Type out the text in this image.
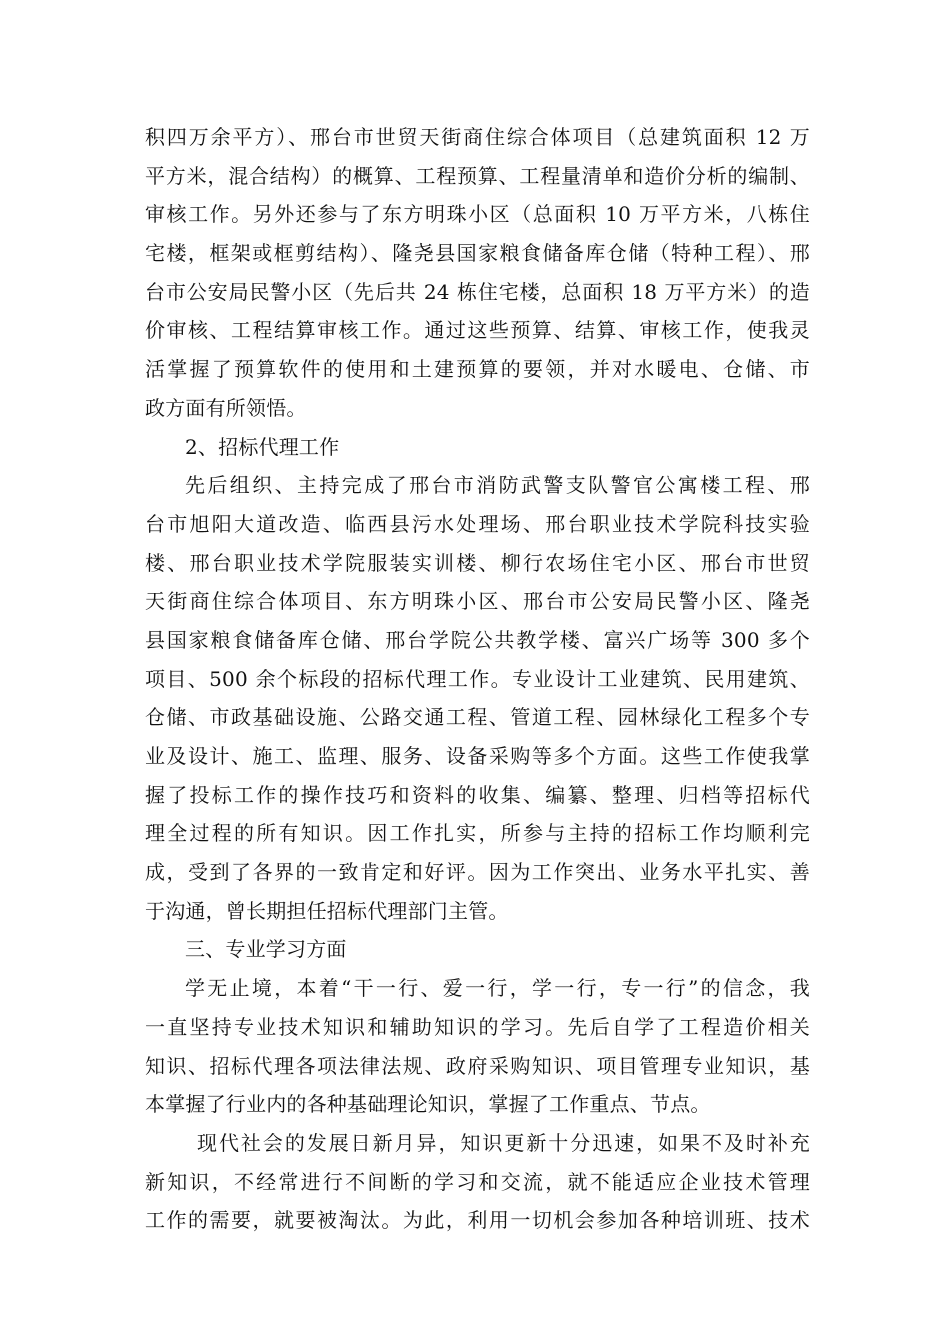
积四万余平方）、邢台市世贸天街商住综合体项目（总建筑面积 12 万
平方米，混合结构）的概算、工程预算、工程量清单和造价分析的编制、
审核工作。另外还参与了东方明珠小区（总面积 10 万平方米，八栋住
宅楼，框架或框剪结构）、隆尧县国家粮食储备库仓储（特种工程）、邢
台市公安局民警小区（先后共 24 栋住宅楼，总面积 18 万平方米）的造
价审核、工程结算审核工作。通过这些预算、结算、审核工作，使我灵
活掌握了预算软件的使用和土建预算的要领，并对水暖电、仓储、市
政方面有所领悟。
2、招标代理工作
先后组织、主持完成了邢台市消防武警支队警官公寓楼工程、邢
台市旭阳大道改造、临西县污水处理场、邢台职业技术学院科技实验
楼、邢台职业技术学院服装实训楼、柳行农场住宅小区、邢台市世贸
天街商住综合体项目、东方明珠小区、邢台市公安局民警小区、隆尧
县国家粮食储备库仓储、邢台学院公共教学楼、富兴广场等 300 多个
项目、500 余个标段的招标代理工作。专业设计工业建筑、民用建筑、
仓储、市政基础设施、公路交通工程、管道工程、园林绿化工程多个专
业及设计、施工、监理、服务、设备采购等多个方面。这些工作使我掌
握了投标工作的操作技巧和资料的收集、编纂、整理、归档等招标代
理全过程的所有知识。因工作扎实，所参与主持的招标工作均顺利完
成，受到了各界的一致肯定和好评。因为工作突出、业务水平扎实、善
于沟通，曾长期担任招标代理部门主管。
三、专业学习方面
学无止境，本着“干一行、爱一行，学一行，专一行”的信念，我
一直坚持专业技术知识和辅助知识的学习。先后自学了工程造价相关
知识、招标代理各项法律法规、政府采购知识、项目管理专业知识，基
本掌握了行业内的各种基础理论知识，掌握了工作重点、节点。
现代社会的发展日新月异，知识更新十分迅速，如果不及时补充
新知识，不经常进行不间断的学习和交流，就不能适应企业技术管理
工作的需要，就要被淘汰。为此，利用一切机会参加各种培训班、技术
